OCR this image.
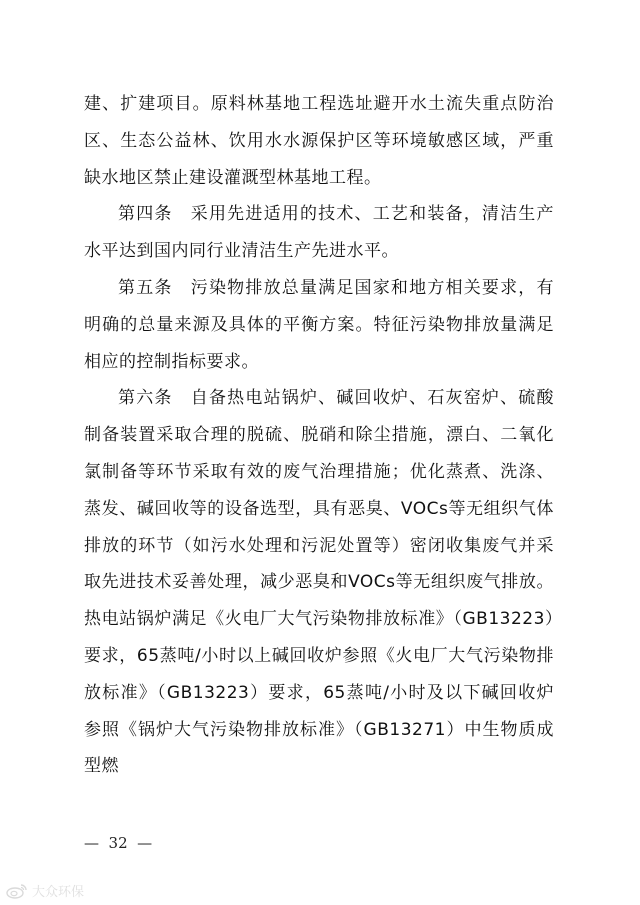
建、扩建项目。原料林基地工程选址避开水土流失重点防治区、生态公益林、饮用水水源保护区等环境敏感区域，严重缺水地区禁止建设灌溉型林基地工程。

第四条　采用先进适用的技术、工艺和装备，清洁生产水平达到国内同行业清洁生产先进水平。

第五条　污染物排放总量满足国家和地方相关要求，有明确的总量来源及具体的平衡方案。特征污染物排放量满足相应的控制指标要求。

第六条　自备热电站锅炉、碱回收炉、石灰窑炉、硫酸制备装置采取合理的脱硫、脱硝和除尘措施，漂白、二氧化氯制备等环节采取有效的废气治理措施；优化蒸煮、洗涤、蒸发、碱回收等的设备选型，具有恶臭、VOCs等无组织气体排放的环节（如污水处理和污泥处置等）密闭收集废气并采取先进技术妥善处理，减少恶臭和VOCs等无组织废气排放。热电站锅炉满足《火电厂大气污染物排放标准》（GB13223）要求，65蒸吨/小时以上碱回收炉参照《火电厂大气污染物排放标准》（GB13223）要求，65蒸吨/小时及以下碱回收炉参照《锅炉大气污染物排放标准》（GB13271）中生物质成型燃

—  32  —
大众环保
